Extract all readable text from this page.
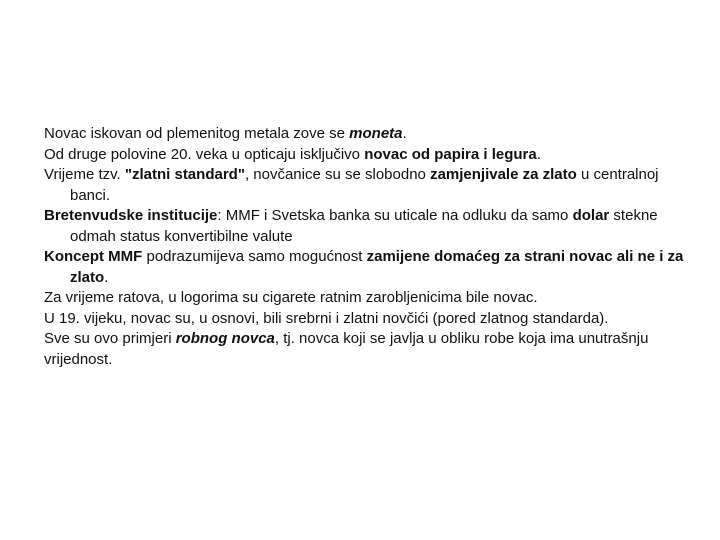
Novac iskovan od plemenitog metala zove se moneta.

Od druge polovine 20. veka u opticaju isključivo novac od papira i legura.

Vrijeme tzv. "zlatni standard", novčanice su se slobodno zamjenjivale za zlato u centralnoj banci.

Bretenvudske institucije: MMF i Svetska banka su uticale na odluku da samo dolar stekne odmah status konvertibilne valute

Koncept MMF podrazumijeva samo mogućnost zamijene domaćeg za strani novac ali ne i za zlato.

Za vrijeme ratova, u logorima su cigarete ratnim zarobljenicima bile novac.

U 19. vijeku, novac su, u osnovi, bili srebrni i zlatni novčići (pored zlatnog standarda).

Sve su ovo primjeri robnog novca, tj. novca koji se javlja u obliku robe koja ima unutrašnju vrijednost.
